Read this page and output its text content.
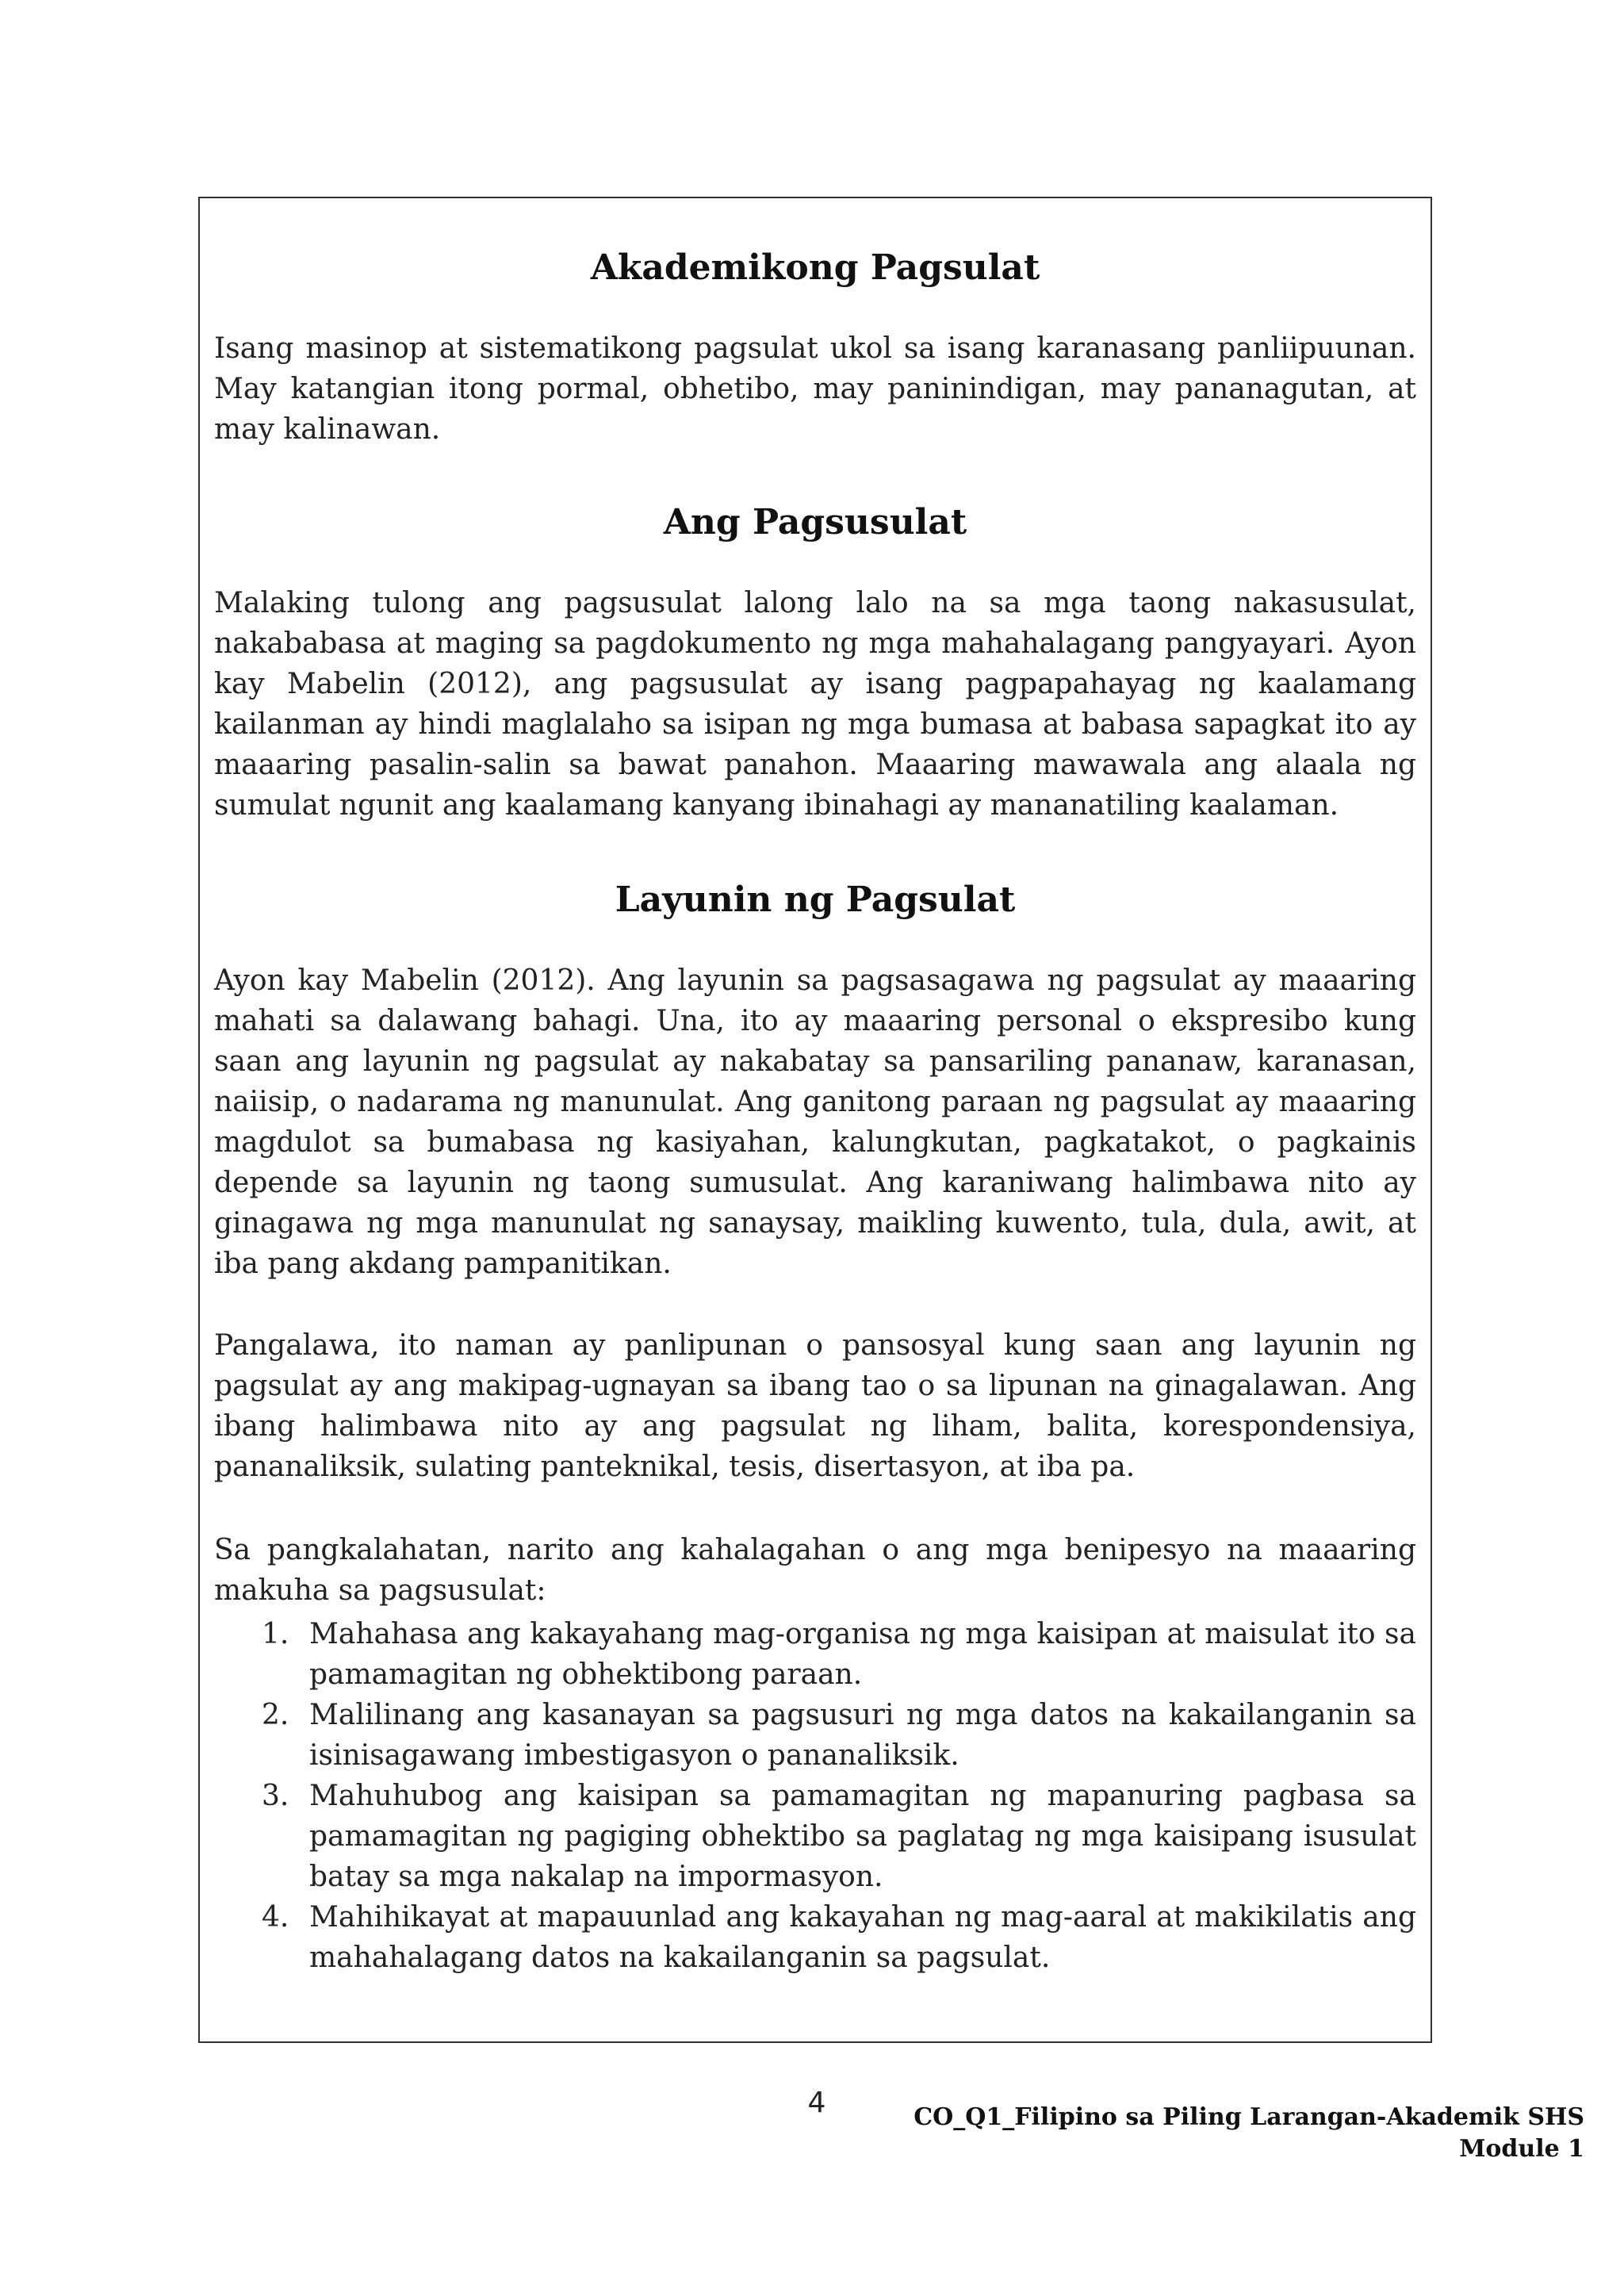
Akademikong Pagsulat

Isang masinop at sistematikong pagsulat ukol sa isang karanasang panliipuunan. May katangian itong pormal, obhetibo, may paninindigan, may pananagutan, at may kalinawan.

Ang Pagsusulat

Malaking tulong ang pagsusulat lalong lalo na sa mga taong nakasusulat, nakababasa at maging sa pagdokumento ng mga mahahalagang pangyayari. Ayon kay Mabelin (2012), ang pagsusulat ay isang pagpapahayag ng kaalamang kailanman ay hindi maglalaho sa isipan ng mga bumasa at babasa sapagkat ito ay maaaring pasalin-salin sa bawat panahon. Maaaring mawawala ang alaala ng sumulat ngunit ang kaalamang kanyang ibinahagi ay mananatiling kaalaman.

Layunin ng Pagsulat

Ayon kay Mabelin (2012). Ang layunin sa pagsasagawa ng pagsulat ay maaaring mahati sa dalawang bahagi. Una, ito ay maaaring personal o ekspresibo kung saan ang layunin ng pagsulat ay nakabatay sa pansariling pananaw, karanasan, naiisip, o nadarama ng manunulat. Ang ganitong paraan ng pagsulat ay maaaring magdulot sa bumabasa ng kasiyahan, kalungkutan, pagkatakot, o pagkainis depende sa layunin ng taong sumusulat. Ang karaniwang halimbawa nito ay ginagawa ng mga manunulat ng sanaysay, maikling kuwento, tula, dula, awit, at iba pang akdang pampanitikan.

Pangalawa, ito naman ay panlipunan o pansosyal kung saan ang layunin ng pagsulat ay ang makipag-ugnayan sa ibang tao o sa lipunan na ginagalawan. Ang ibang halimbawa nito ay ang pagsulat ng liham, balita, korespondensiya, pananaliksik, sulating panteknikal, tesis, disertasyon, at iba pa.

Sa pangkalahatan, narito ang kahalagahan o ang mga benipesyo na maaaring makuha sa pagsusulat:

1. Mahahasa ang kakayahang mag-organisa ng mga kaisipan at maisulat ito sa pamamagitan ng obhektibong paraan.
2. Malilinang ang kasanayan sa pagsusuri ng mga datos na kakailanganin sa isinisagawang imbestigasyon o pananaliksik.
3. Mahuhubog ang kaisipan sa pamamagitan ng mapanuring pagbasa sa pamamagitan ng pagiging obhektibo sa paglatag ng mga kaisipang isusulat batay sa mga nakalap na impormasyon.
4. Mahihikayat at mapauunlad ang kakayahan ng mag-aaral at makikilatis ang mahahalagang datos na kakailanganin sa pagsulat.
4	CO_Q1_Filipino sa Piling Larangan-Akademik SHS
Module 1
